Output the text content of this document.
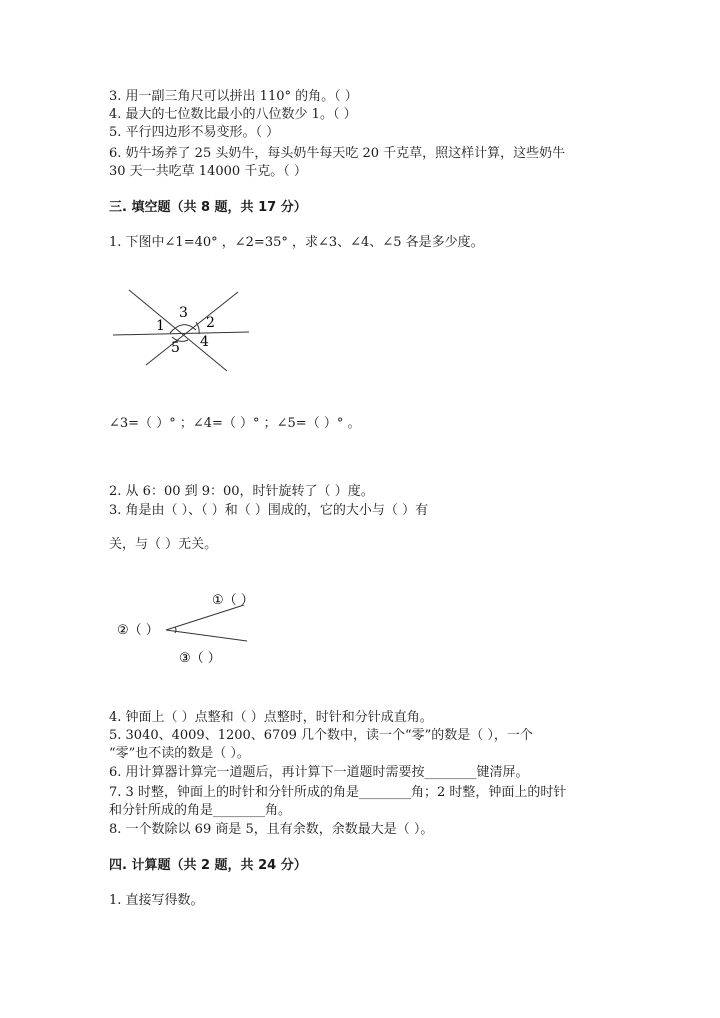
3. 用一副三角尺可以拼出 110° 的角。（ ）
4. 最大的七位数比最小的八位数少 1。（ ）
5. 平行四边形不易变形。（ ）
6. 奶牛场养了 25 头奶牛，每头奶牛每天吃 20 千克草，照这样计算，这些奶牛
30 天一共吃草 14000 千克。（ ）
三. 填空题（共 8 题，共 17 分）
1. 下图中∠1=40° ，∠2=35° ，求∠3、∠4、∠5 各是多少度。
1	2
3
4
5
①（ ）
②（ ）
③（ ）
∠3=（ ）° ；∠4=（ ）° ；∠5=（ ）° 。
2. 从 6：00 到 9：00，时针旋转了（ ）度。
3. 角是由（ ）、（ ）和（ ）围成的，它的大小与（ ）有
关，与（ ）无关。
4. 钟面上（ ）点整和（ ）点整时，时针和分针成直角。
5. 3040、4009、1200、6709 几个数中，读一个“零”的数是（ ），一个
“零”也不读的数是（ ）。
6. 用计算器计算完一道题后，再计算下一道题时需要按________键清屏。
7. 3 时整，钟面上的时针和分针所成的角是________角；2 时整，钟面上的时针
和分针所成的角是________角。
8. 一个数除以 69 商是 5，且有余数，余数最大是（ ）。
四. 计算题（共 2 题，共 24 分）
1. 直接写得数。
